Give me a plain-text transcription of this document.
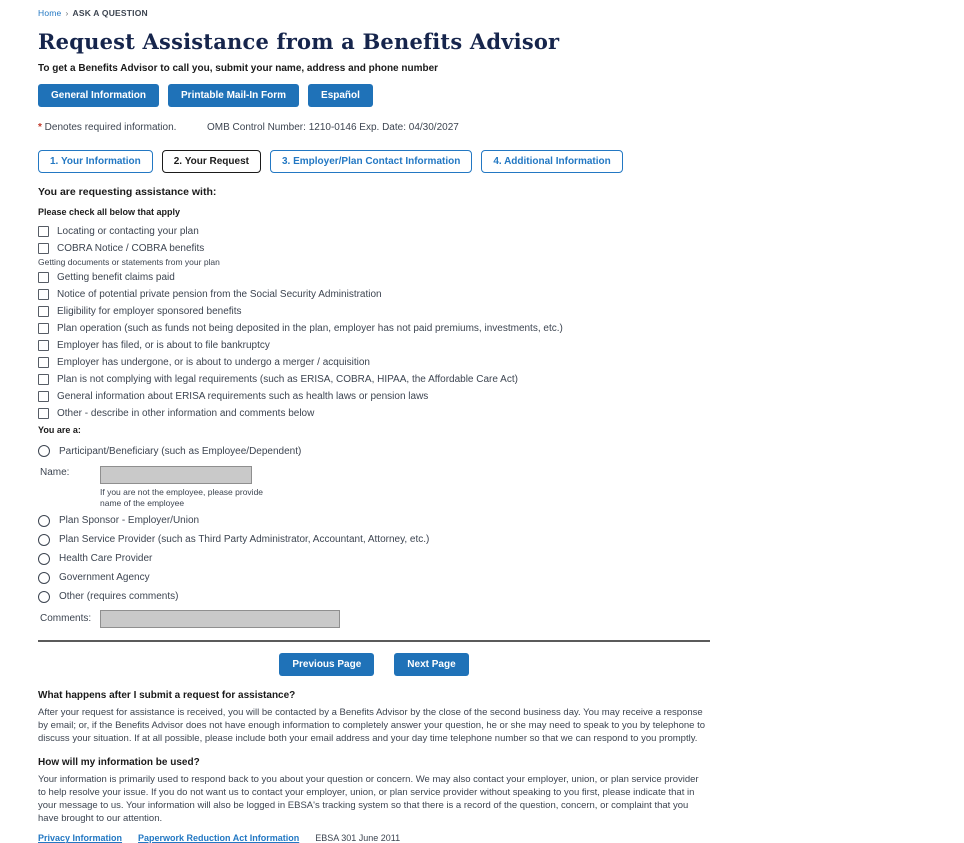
Home › ASK A QUESTION
Request Assistance from a Benefits Advisor
To get a Benefits Advisor to call you, submit your name, address and phone number
General Information	Printable Mail-In Form	Español
* Denotes required information.	OMB Control Number: 1210-0146 Exp. Date: 04/30/2027
1. Your Information	2. Your Request	3. Employer/Plan Contact Information	4. Additional Information
You are requesting assistance with:
Please check all below that apply
Locating or contacting your plan
COBRA Notice / COBRA benefits
Getting documents or statements from your plan
Getting benefit claims paid
Notice of potential private pension from the Social Security Administration
Eligibility for employer sponsored benefits
Plan operation (such as funds not being deposited in the plan, employer has not paid premiums, investments, etc.)
Employer has filed, or is about to file bankruptcy
Employer has undergone, or is about to undergo a merger / acquisition
Plan is not complying with legal requirements (such as ERISA, COBRA, HIPAA, the Affordable Care Act)
General information about ERISA requirements such as health laws or pension laws
Other - describe in other information and comments below
You are a:
Participant/Beneficiary (such as Employee/Dependent)
Name:
If you are not the employee, please provide name of the employee
Plan Sponsor - Employer/Union
Plan Service Provider (such as Third Party Administrator, Accountant, Attorney, etc.)
Health Care Provider
Government Agency
Other (requires comments)
Comments:
Previous Page	Next Page
What happens after I submit a request for assistance?
After your request for assistance is received, you will be contacted by a Benefits Advisor by the close of the second business day. You may receive a response by email; or, if the Benefits Advisor does not have enough information to completely answer your question, he or she may need to speak to you by telephone to discuss your situation. If at all possible, please include both your email address and your day time telephone number so that we can respond to you promptly.
How will my information be used?
Your information is primarily used to respond back to you about your question or concern. We may also contact your employer, union, or plan service provider to help resolve your issue. If you do not want us to contact your employer, union, or plan service provider without speaking to you first, please indicate that in your message to us. Your information will also be logged in EBSA's tracking system so that there is a record of the question, concern, or complaint that you have brought to our attention.
Privacy Information Paperwork Reduction Act Information EBSA 301 June 2011
